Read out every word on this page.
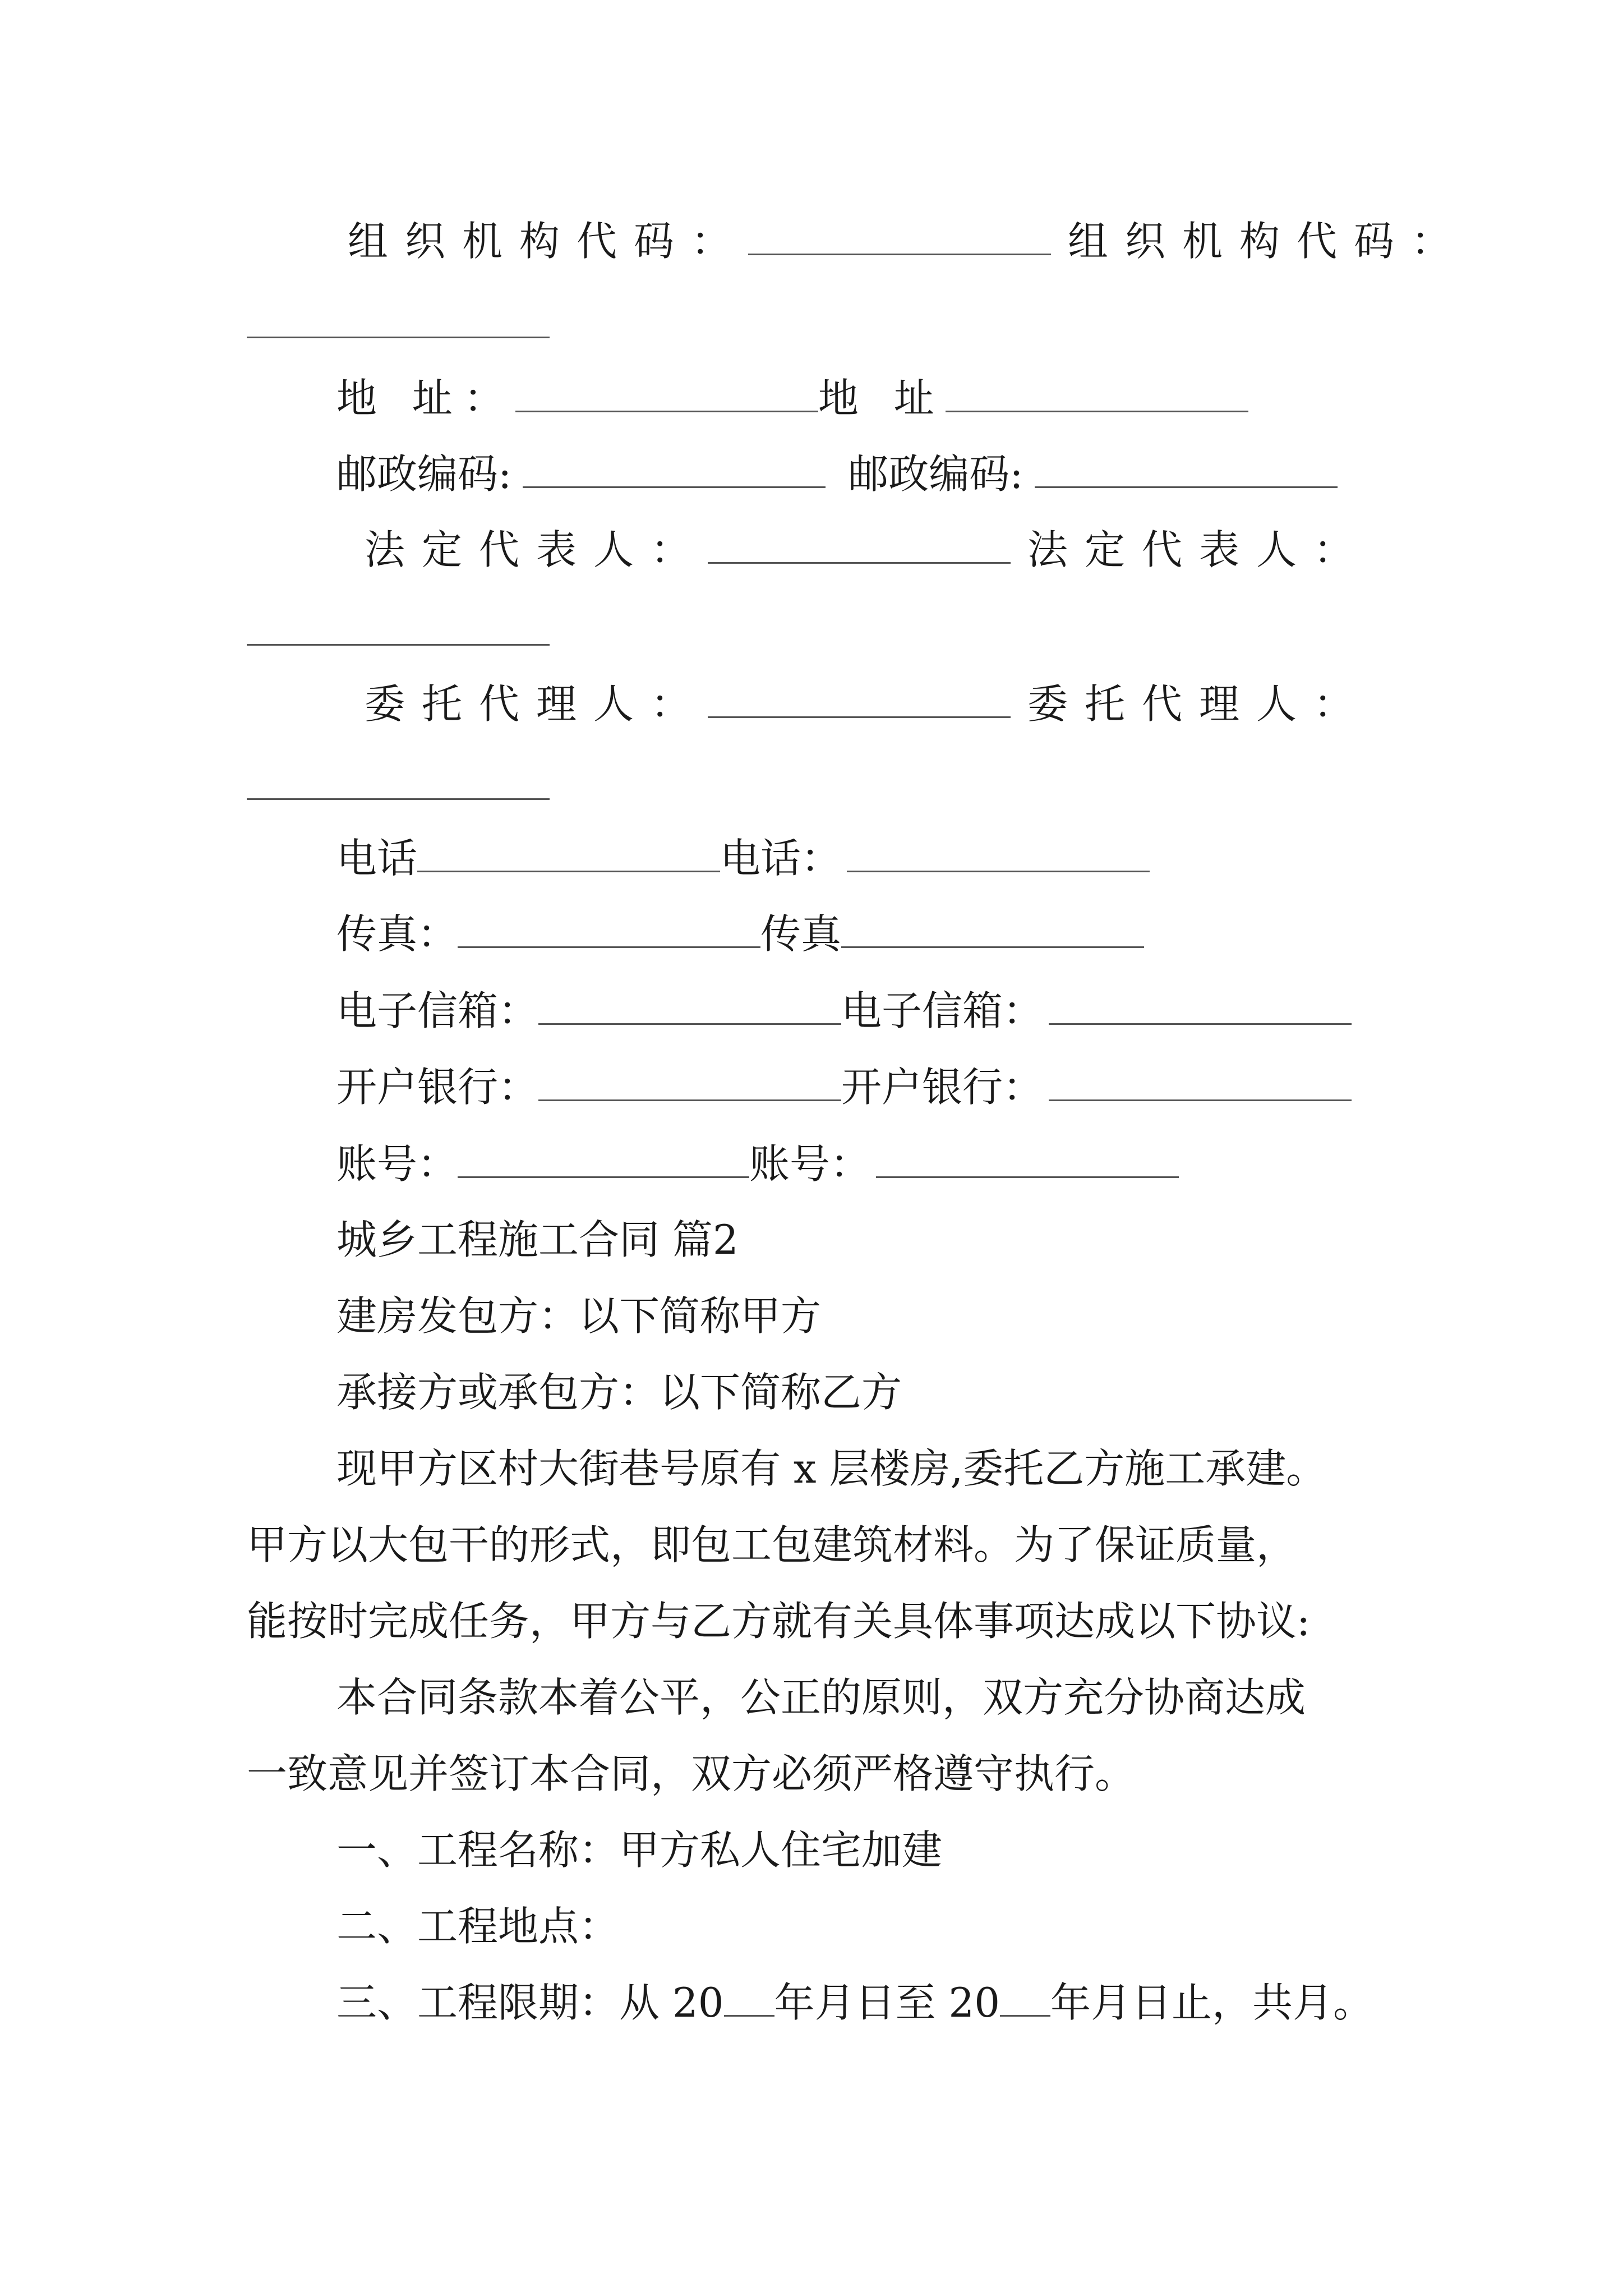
组织机构代码：	组织机构代码：
地 址：	地 址
邮政编码:	邮政编码:
法定代表人：	法定代表人：
委托代理人：	委托代理人：
电话	电话：
传真：	传真
电子信箱：	电子信箱：
开户银行：	开户银行：
账号：	账号：
城乡工程施工合同 篇2
建房发包方：以下简称甲方
承接方或承包方：以下简称乙方
现甲方区村大街巷号原有 x 层楼房,委托乙方施工承建。
甲方以大包干的形式，即包工包建筑材料。为了保证质量，
能按时完成任务，甲方与乙方就有关具体事项达成以下协议:
本合同条款本着公平，公正的原则，双方充分协商达成
一致意见并签订本合同，双方必须严格遵守执行。
一、工程名称：甲方私人住宅加建
二、工程地点：
三、工程限期：从 20 年月日至 20 年月日止，共月。
